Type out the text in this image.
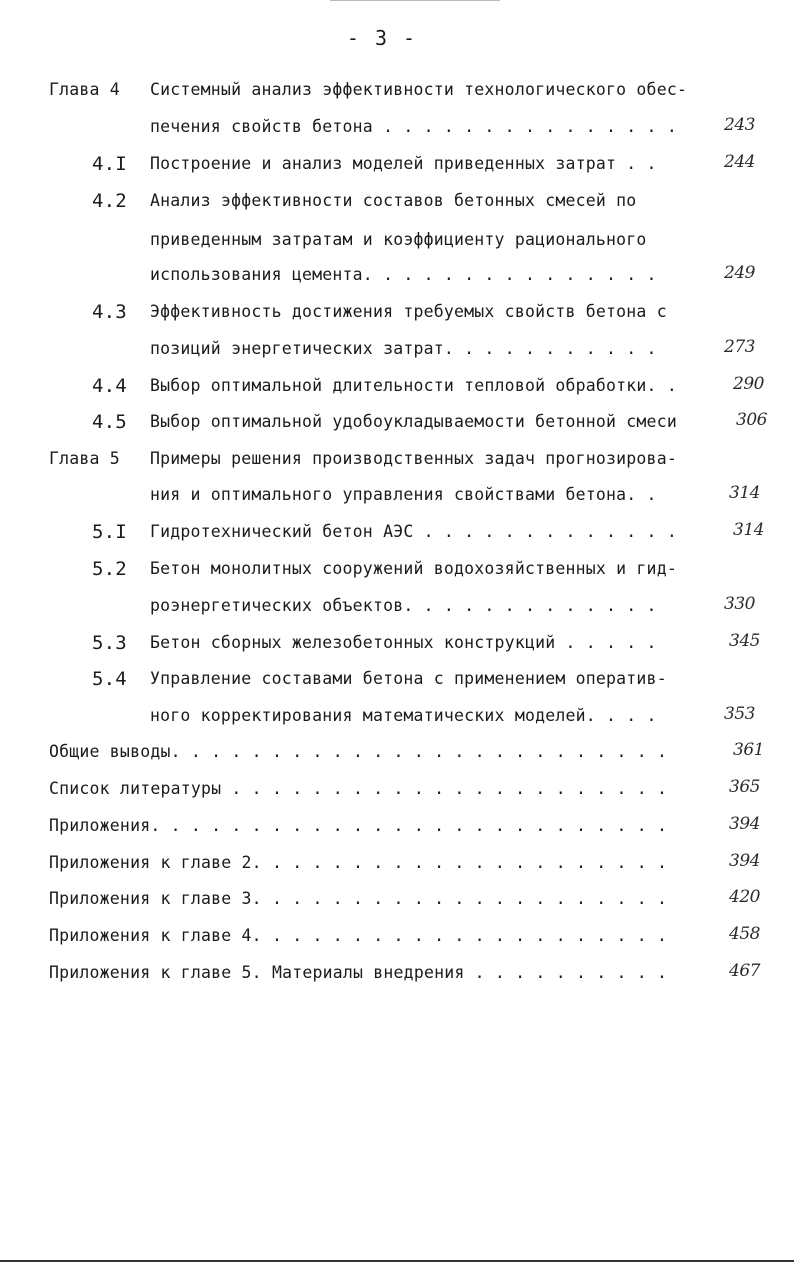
- 3 -
Глава 4 Системный анализ эффективности технологического обес-
печения свойств бетона . . . . . . . . . . . . . . .	243
4.I Построение и анализ моделей приведенных затрат . .	244
4.2 Анализ эффективности составов бетонных смесей по
приведенным затратам и коэффициенту рационального
использования цемента. . . . . . . . . . . . . . .	249
4.3 Эффективность достижения требуемых свойств бетона с
позиций энергетических затрат. . . . . . . . . . .	273
4.4 Выбор оптимальной длительности тепловой обработки. .	290
4.5 Выбор оптимальной удобоукладываемости бетонной смеси	306
Глава 5 Примеры решения производственных задач прогнозирова-
ния и оптимального управления свойствами бетона. .	314
5.I Гидротехнический бетон АЭС . . . . . . . . . . . . .	314
5.2 Бетон монолитных сооружений водохозяйственных и гид-
роэнергетических объектов. . . . . . . . . . . . .	330
5.3 Бетон сборных железобетонных конструкций . . . . .	345
5.4 Управление составами бетона с применением оператив-
ного корректирования математических моделей. . . .	353
Общие выводы. . . . . . . . . . . . . . . . . . . . . . . . .	361
Список литературы . . . . . . . . . . . . . . . . . . . . . .	365
Приложения. . . . . . . . . . . . . . . . . . . . . . . . . .	394
Приложения к главе 2. . . . . . . . . . . . . . . . . . . . .	394
Приложения к главе 3. . . . . . . . . . . . . . . . . . . . .	420
Приложения к главе 4. . . . . . . . . . . . . . . . . . . . .	458
Приложения к главе 5. Материалы внедрения . . . . . . . . . .	467
